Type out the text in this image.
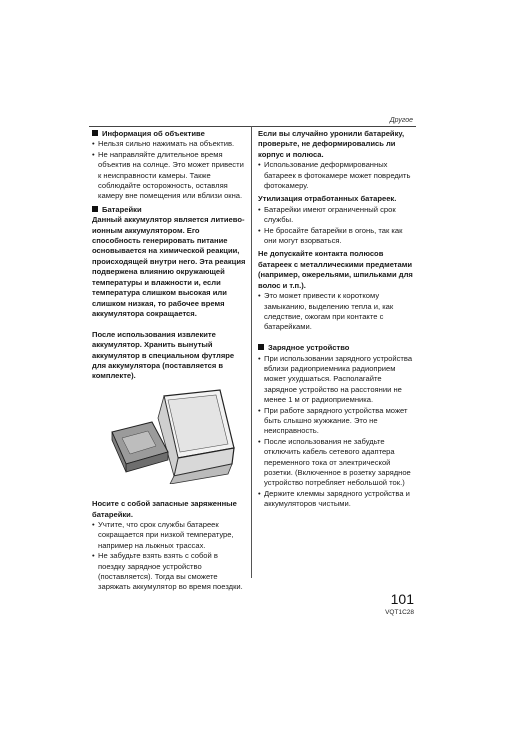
Другое
Информация об объективе
• Нельзя сильно нажимать на объектив.
• Не направляйте длительное время объектив на солнце. Это может привести к неисправности камеры. Также соблюдайте осторожность, оставляя камеру вне помещения или вблизи окна.
Батарейки
Данный аккумулятор является литиево-ионным аккумулятором. Его способность генерировать питание основывается на химической реакции, происходящей внутри него. Эта реакция подвержена влиянию окружающей температуры и влажности и, если температура слишком высокая или слишком низкая, то рабочее время аккумулятора сокращается.
После использования извлеките аккумулятор. Хранить вынутый аккумулятор в специальном футляре для аккумулятора (поставляется в комплекте).
Носите с собой запасные заряженные батарейки.
• Учтите, что срок службы батареек сокращается при низкой температуре, например на лыжных трассах.
• Не забудьте взять взять с собой в поездку зарядное устройство (поставляется). Тогда вы сможете заряжать аккумулятор во время поездки.
Если вы случайно уронили батарейку, проверьте, не деформировались ли корпус и полюса.
• Использование деформированных батареек в фотокамере может повредить фотокамеру.
Утилизация отработанных батареек.
• Батарейки имеют ограниченный срок службы.
• Не бросайте батарейки в огонь, так как они могут взорваться.
Не допускайте контакта полюсов батареек с металлическими предметами (например, ожерельями, шпильками для волос и т.п.).
• Это может привести к короткому замыканию, выделению тепла и, как следствие, ожогам при контакте с батарейками.
Зарядное устройство
• При использовании зарядного устройства вблизи радиоприемника радиоприем может ухудшаться. Располагайте зарядное устройство на расстоянии не менее 1 м от радиоприемника.
• При работе зарядного устройства может быть слышно жужжание. Это не неисправность.
• После использования не забудьте отключить кабель сетевого адаптера переменного тока от электрической розетки. (Включенное в розетку зарядное устройство потребляет небольшой ток.)
• Держите клеммы зарядного устройства и аккумуляторов чистыми.
101
VQT1C28
